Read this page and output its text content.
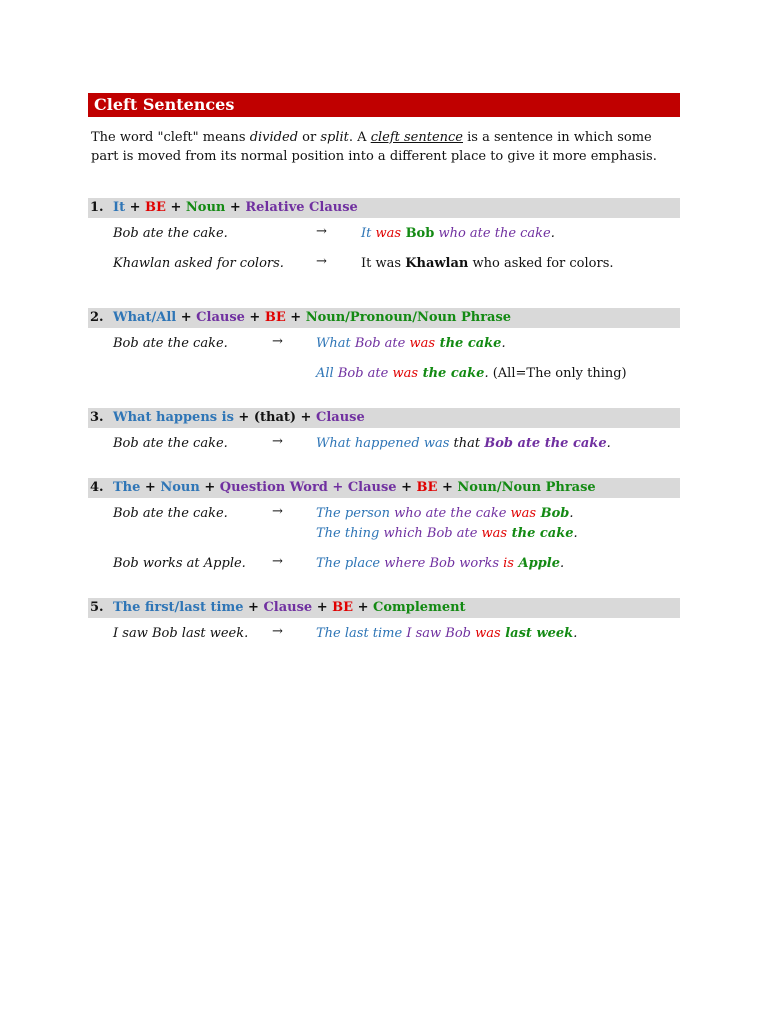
Cleft Sentences
The word "cleft" means divided or split. A cleft sentence is a sentence in which some part is moved from its normal position into a different place to give it more emphasis.
1. It + BE + Noun + Relative Clause
Bob ate the cake.	→	It was Bob who ate the cake.
Khawlan asked for colors. →	It was Khawlan who asked for colors.
2. What/All + Clause + BE + Noun/Pronoun/Noun Phrase
Bob ate the cake.	→	What Bob ate was the cake.
All Bob ate was the cake. (All=The only thing)
3. What happens is + (that) + Clause
Bob ate the cake.	→	What happened was that Bob ate the cake.
4. The + Noun + Question Word + Clause + BE + Noun/Noun Phrase
Bob ate the cake.	→	The person who ate the cake was Bob.
The thing which Bob ate was the cake.
Bob works at Apple. →	The place where Bob works is Apple.
5. The first/last time + Clause + BE + Complement
I saw Bob last week. →	The last time I saw Bob was last week.
